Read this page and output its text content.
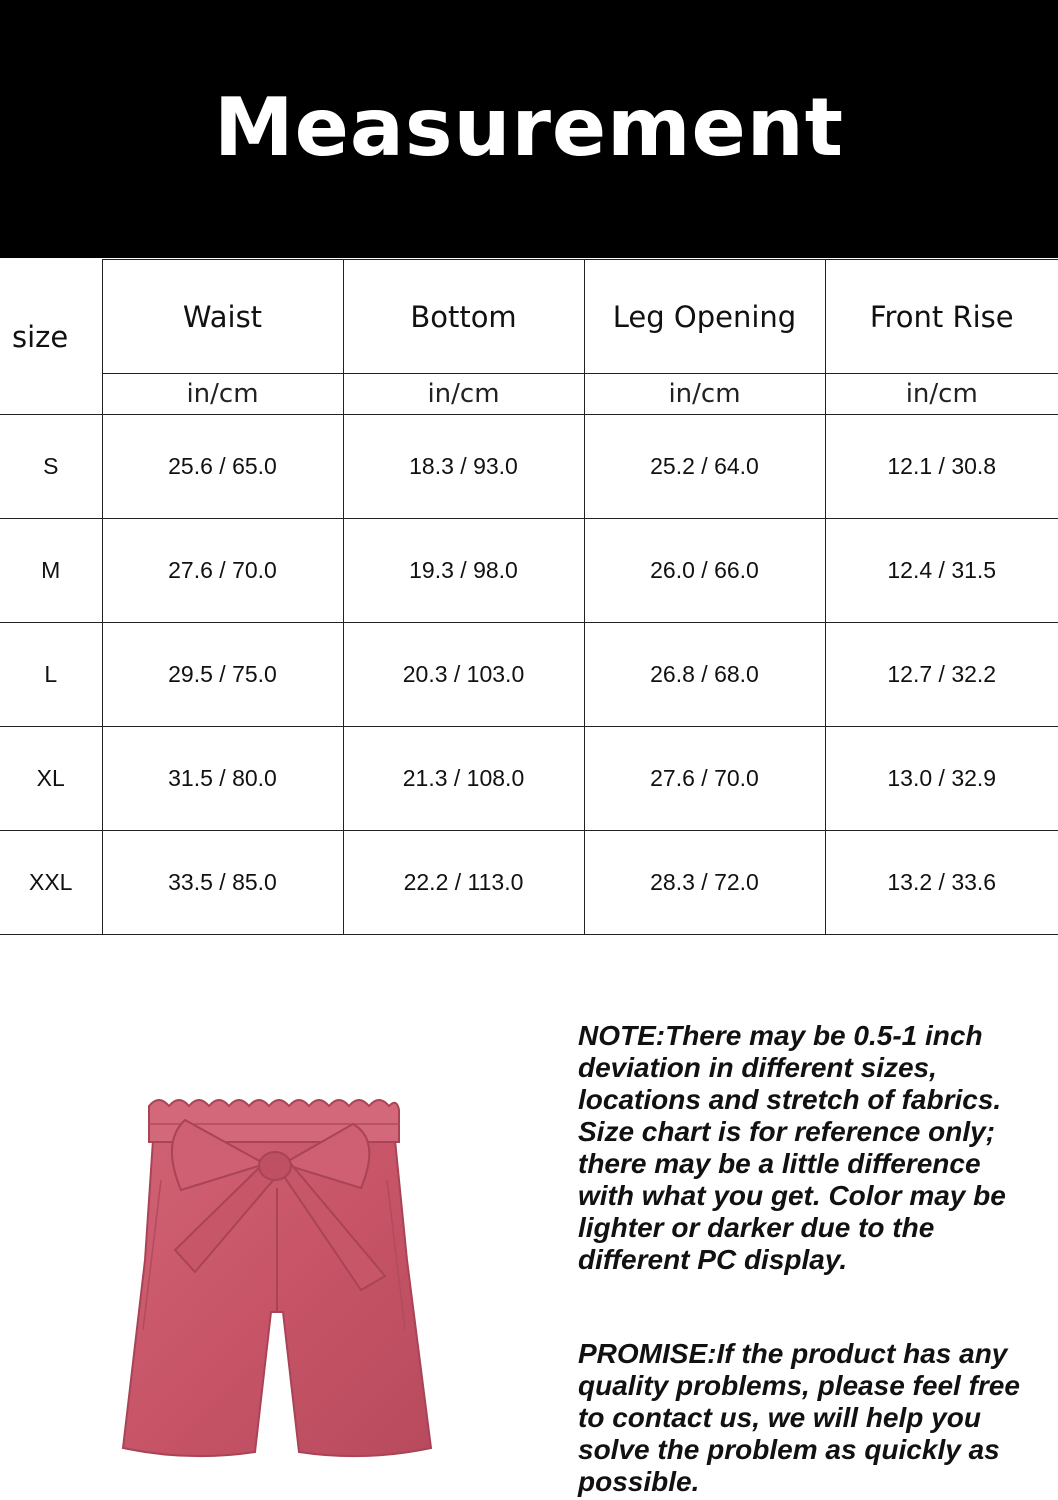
Measurement
size	Waist	Bottom	Leg Opening	Front Rise
	in/cm	in/cm	in/cm	in/cm
S	25.6 / 65.0	18.3 / 93.0	25.2 / 64.0	12.1 / 30.8
M	27.6 / 70.0	19.3 / 98.0	26.0 / 66.0	12.4 / 31.5
L	29.5 / 75.0	20.3 / 103.0	26.8 / 68.0	12.7 / 32.2
XL	31.5 / 80.0	21.3 / 108.0	27.6 / 70.0	13.0 / 32.9
XXL	33.5 / 85.0	22.2 / 113.0	28.3 / 72.0	13.2 / 33.6

NOTE:There may be 0.5-1 inch deviation in different sizes, locations and stretch of fabrics. Size chart is for reference only; there may be a little difference with what you get. Color may be lighter or darker due to the different PC display.

PROMISE:If the product has any quality problems, please feel free to contact us, we will help you solve the problem as quickly as possible.
